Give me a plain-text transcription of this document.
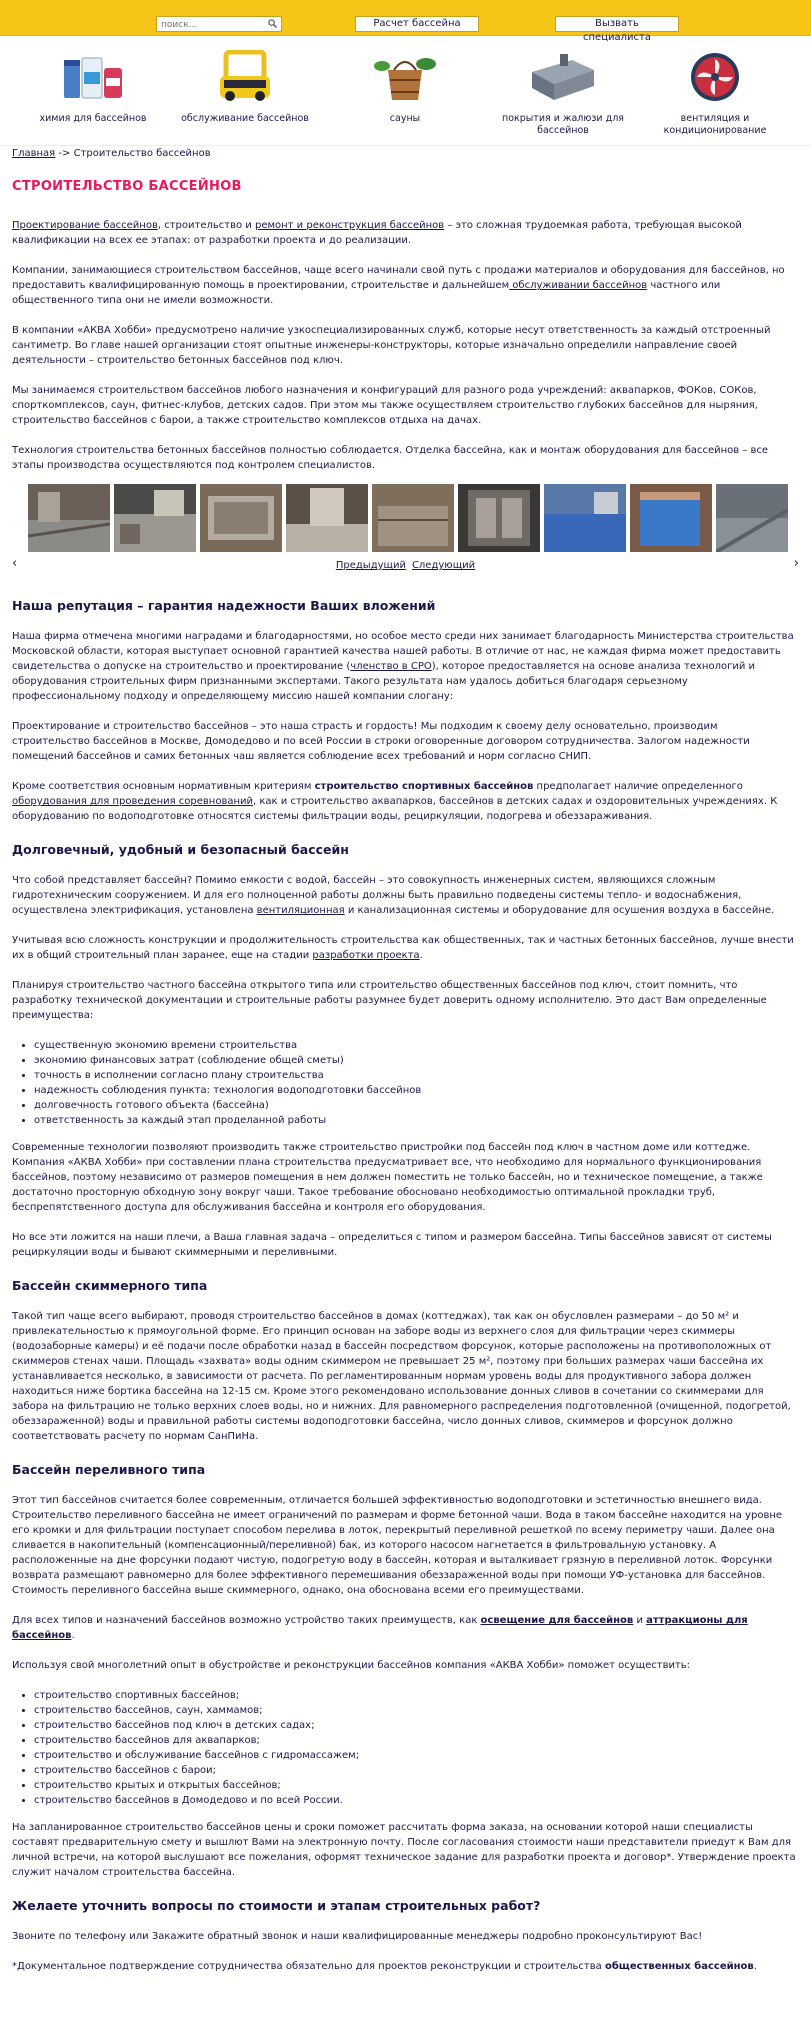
поиск...
Расчет бассейна	Вызвать специалиста
химия для бассейнов	обслуживание бассейнов	сауны	покрытия и жалюзи для бассейнов
вентиляция и кондиционирование
Главная -> Строительство бассейнов
СТРОИТЕЛЬСТВО БАССЕЙНОВ

Проектирование бассейнов, строительство и ремонт и реконструкция бассейнов – это сложная трудоемкая работа, требующая высокой квалификации на всех ее этапах: от разработки проекта и до реализации.

Компании, занимающиеся строительством бассейнов, чаще всего начинали свой путь с продажи материалов и оборудования для бассейнов, но предоставить квалифицированную помощь в проектировании, строительстве и дальнейшем обслуживании бассейнов частного или общественного типа они не имели возможности.

В компании «АКВА Хобби» предусмотрено наличие узкоспециализированных служб, которые несут ответственность за каждый отстроенный сантиметр. Во главе нашей организации стоят опытные инженеры-конструкторы, которые изначально определили направление своей деятельности – строительство бетонных бассейнов под ключ.

Мы занимаемся строительством бассейнов любого назначения и конфигураций для разного рода учреждений: аквапарков, ФОКов, СОКов, спорткомплексов, саун, фитнес-клубов, детских садов. При этом мы также осуществляем строительство глубоких бассейнов для ныряния, строительство бассейнов с барои, а также строительство комплексов отдыха на дачах.

Технология строительства бетонных бассейнов полностью соблюдается. Отделка бассейна, как и монтаж оборудования для бассейнов – все этапы производства осуществляются под контролем специалистов.

‹	›
Предыдущий Следующий
Наша репутация – гарантия надежности Ваших вложений

Наша фирма отмечена многими наградами и благодарностями, но особое место среди них занимает благодарность Министерства строительства Московской области, которая выступает основной гарантией качества нашей работы. В отличие от нас, не каждая фирма может предоставить свидетельства о допуске на строительство и проектирование (членство в СРО), которое предоставляется на основе анализа технологий и оборудования строительных фирм признанными экспертами. Такого результата нам удалось добиться благодаря серьезному профессиональному подходу и определяющему миссию нашей компании слогану:

Проектирование и строительство бассейнов – это наша страсть и гордость! Мы подходим к своему делу основательно, производим строительство бассейнов в Москве, Домодедово и по всей России в строки оговоренные договором сотрудничества. Залогом надежности помещений бассейнов и самих бетонных чаш является соблюдение всех требований и норм согласно СНИП.

Кроме соответствия основным нормативным критериям строительство спортивных бассейнов предполагает наличие определенного оборудования для проведения соревнований, как и строительство аквапарков, бассейнов в детских садах и оздоровительных учреждениях. К оборудованию по водоподготовке относятся системы фильтрации воды, рециркуляции, подогрева и обеззараживания.

Долговечный, удобный и безопасный бассейн

Что собой представляет бассейн? Помимо емкости с водой, бассейн – это совокупность инженерных систем, являющихся сложным гидротехническим сооружением. И для его полноценной работы должны быть правильно подведены системы тепло- и водоснабжения, осуществлена электрификация, установлена вентиляционная и канализационная системы и оборудование для осушения воздуха в бассейне.

Учитывая всю сложность конструкции и продолжительность строительства как общественных, так и частных бетонных бассейнов, лучше внести их в общий строительный план заранее, еще на стадии разработки проекта.

Планируя строительство частного бассейна открытого типа или строительство общественных бассейнов под ключ, стоит помнить, что разработку технической документации и строительные работы разумнее будет доверить одному исполнителю. Это даст Вам определенные преимущества:

• существенную экономию времени строительства
• экономию финансовых затрат (соблюдение общей сметы)
• точность в исполнении согласно плану строительства
• надежность соблюдения пункта: технология водоподготовки бассейнов
• долговечность готового объекта (бассейна)
• ответственность за каждый этап проделанной работы

Современные технологии позволяют производить также строительство пристройки под бассейн под ключ в частном доме или коттедже. Компания «АКВА Хобби» при составлении плана строительства предусматривает все, что необходимо для нормального функционирования бассейнов, поэтому независимо от размеров помещения в нем должен поместить не только бассейн, но и техническое помещение, а также достаточно просторную обходную зону вокруг чаши. Такое требование обосновано необходимостью оптимальной прокладки труб, беспрепятственного доступа для обслуживания бассейна и контроля его оборудования.

Но все эти ложится на наши плечи, а Ваша главная задача – определиться с типом и размером бассейна. Типы бассейнов зависят от системы рециркуляции воды и бывают скиммерными и переливными.

Бассейн скиммерного типа

Такой тип чаще всего выбирают, проводя строительство бассейнов в домах (коттеджах), так как он обусловлен размерами – до 50 м² и привлекательностью к прямоугольной форме. Его принцип основан на заборе воды из верхнего слоя для фильтрации через скиммеры (водозаборные камеры) и её подачи после обработки назад в бассейн посредством форсунок, которые расположены на противоположных от скиммеров стенах чаши. Площадь «захвата» воды одним скиммером не превышает 25 м², поэтому при больших размерах чаши бассейна их устанавливается несколько, в зависимости от расчета. По регламентированным нормам уровень воды для продуктивного забора должен находиться ниже бортика бассейна на 12-15 см. Кроме этого рекомендовано использование донных сливов в сочетании со скиммерами для забора на фильтрацию не только верхних слоев воды, но и нижних. Для равномерного распределения подготовленной (очищенной, подогретой, обеззараженной) воды и правильной работы системы водоподготовки бассейна, число донных сливов, скиммеров и форсунок должно соответствовать расчету по нормам СанПиНа.

Бассейн переливного типа

Этот тип бассейнов считается более современным, отличается большей эффективностью водоподготовки и эстетичностью внешнего вида. Строительство переливного бассейна не имеет ограничений по размерам и форме бетонной чаши. Вода в таком бассейне находится на уровне его кромки и для фильтрации поступает способом перелива в лоток, перекрытый переливной решеткой по всему периметру чаши. Далее она сливается в накопительный (компенсационный/переливной) бак, из которого насосом нагнетается в фильтровальную установку. А расположенные на дне форсунки подают чистую, подогретую воду в бассейн, которая и выталкивает грязную в переливной лоток. Форсунки возврата размещают равномерно для более эффективного перемешивания обеззараженной воды при помощи УФ-установка для бассейнов. Стоимость переливного бассейна выше скиммерного, однако, она обоснована всеми его преимуществами.

Для всех типов и назначений бассейнов возможно устройство таких преимуществ, как освещение для бассейнов и аттракционы для бассейнов.

Используя свой многолетний опыт в обустройстве и реконструкции бассейнов компания «АКВА Хобби» поможет осуществить:

• строительство спортивных бассейнов;
• строительство бассейнов, саун, хаммамов;
• строительство бассейнов под ключ в детских садах;
• строительство бассейнов для аквапарков;
• строительство и обслуживание бассейнов с гидромассажем;
• строительство бассейнов с барои;
• строительство крытых и открытых бассейнов;
• строительство бассейнов в Домодедово и по всей России.

На запланированное строительство бассейнов цены и сроки поможет рассчитать форма заказа, на основании которой наши специалисты составят предварительную смету и вышлют Вами на электронную почту. После согласования стоимости наши представители приедут к Вам для личной встречи, на которой выслушают все пожелания, оформят техническое задание для разработки проекта и договор*. Утверждение проекта служит началом строительства бассейна.

Желаете уточнить вопросы по стоимости и этапам строительных работ?

Звоните по телефону или Закажите обратный звонок и наши квалифицированные менеджеры подробно проконсультируют Вас!

*Документальное подтверждение сотрудничества обязательно для проектов реконструкции и строительства общественных бассейнов.
